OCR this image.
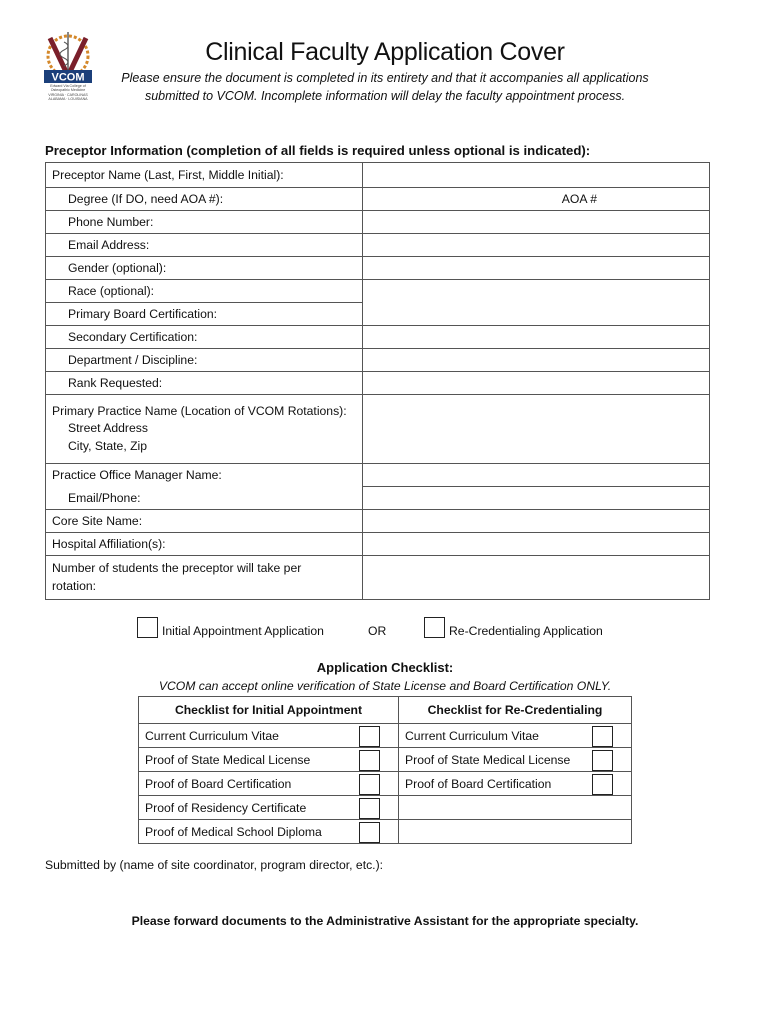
VCOM
Edward Via College of
Osteopathic Medicine
VIRGINIA · CAROLINAS
ALABAMA · LOUISIANA
Clinical Faculty Application Cover
Please ensure the document is completed in its entirety and that it accompanies all applications
submitted to VCOM. Incomplete information will delay the faculty appointment process.
Preceptor Information (completion of all fields is required unless optional is indicated):
Preceptor Name (Last, First, Middle Initial):	
Degree (If DO, need AOA #):	AOA #
Phone Number:	
Email Address:	
Gender (optional):	
Race (optional):	
Primary Board Certification:	
Secondary Certification:	
Department / Discipline:	
Rank Requested:	

Primary Practice Name (Location of VCOM Rotations):
Street Address
City, State, Zip	

Practice Office Manager Name:	
Email/Phone:	
Core Site Name:	
Hospital Affiliation(s):	

Number of students the preceptor will take per
rotation:	

Initial Appointment Application	OR	Re-Credentialing Application
Application Checklist:
VCOM can accept online verification of State License and Board Certification ONLY.
Checklist for Initial Appointment	Checklist for Re-Credentialing
Current Curriculum Vitae	Current Curriculum Vitae

Proof of State Medical License	Proof of State Medical License

Proof of Board Certification	Proof of Board Certification

Proof of Residency Certificate

Proof of Medical School Diploma

Submitted by (name of site coordinator, program director, etc.):
Please forward documents to the Administrative Assistant for the appropriate specialty.
